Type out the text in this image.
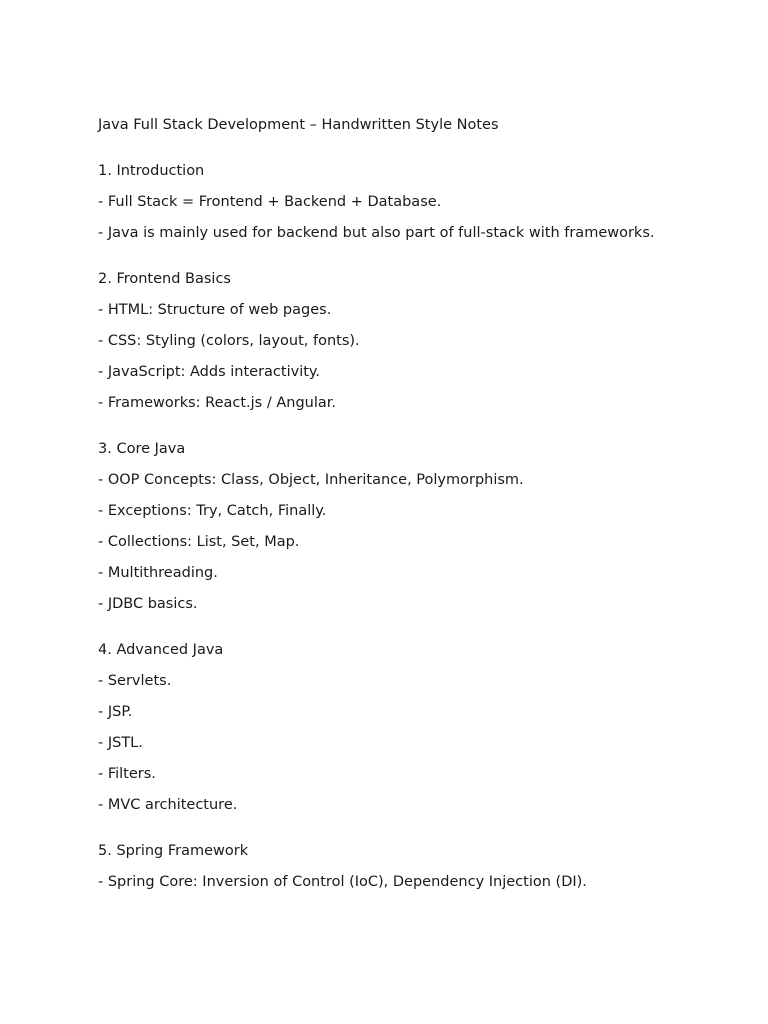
Java Full Stack Development – Handwritten Style Notes

1. Introduction

- Full Stack = Frontend + Backend + Database.

- Java is mainly used for backend but also part of full-stack with frameworks.

2. Frontend Basics

- HTML: Structure of web pages.

- CSS: Styling (colors, layout, fonts).

- JavaScript: Adds interactivity.

- Frameworks: React.js / Angular.

3. Core Java

- OOP Concepts: Class, Object, Inheritance, Polymorphism.

- Exceptions: Try, Catch, Finally.

- Collections: List, Set, Map.

- Multithreading.

- JDBC basics.

4. Advanced Java

- Servlets.

- JSP.

- JSTL.

- Filters.

- MVC architecture.

5. Spring Framework

- Spring Core: Inversion of Control (IoC), Dependency Injection (DI).
